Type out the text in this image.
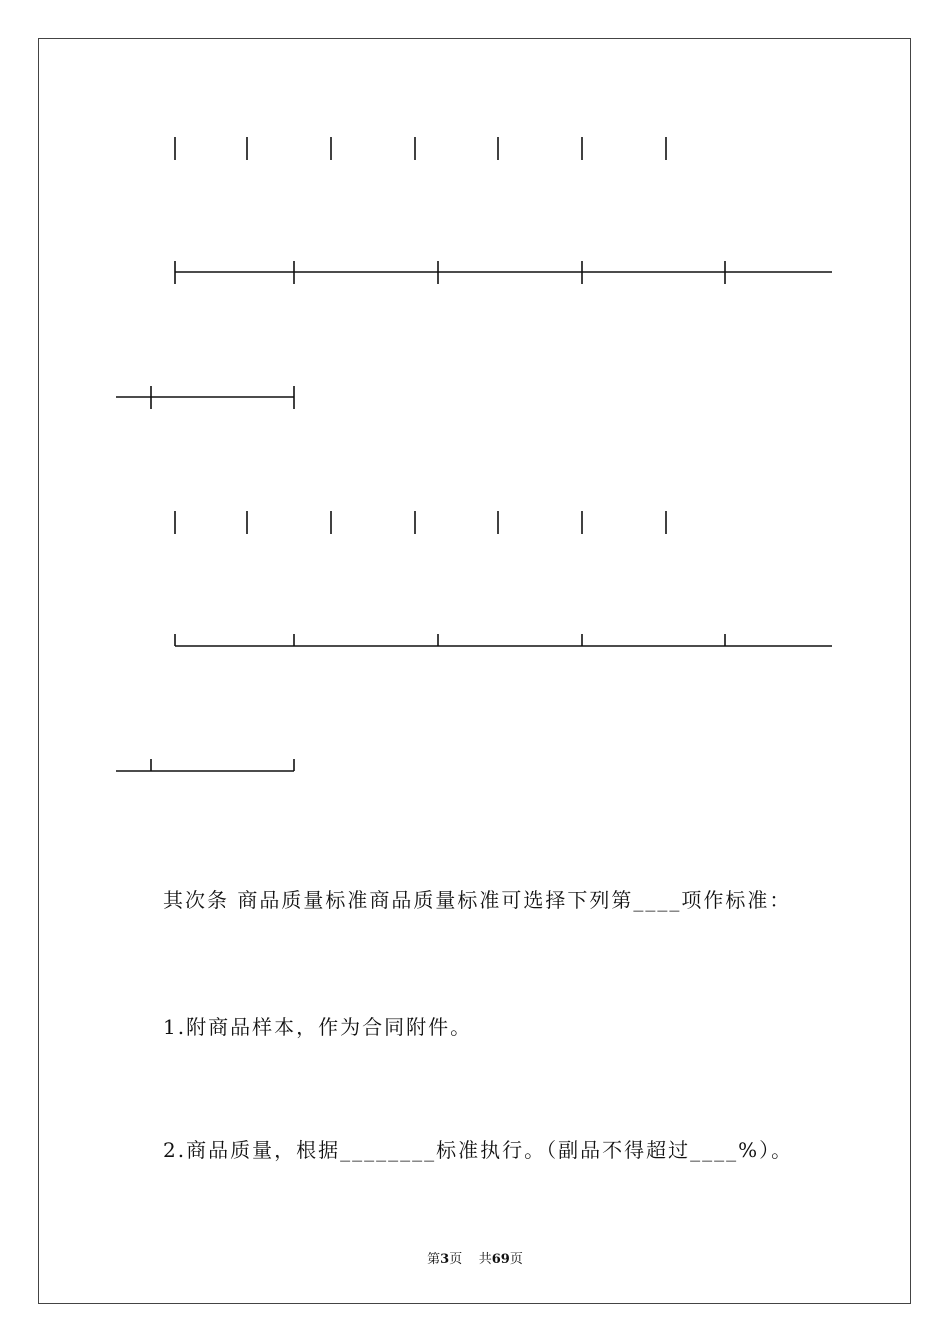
其次条 商品质量标准商品质量标准可选择下列第____项作标准：

1.附商品样本，作为合同附件。

2.商品质量，根据________标准执行。（副品不得超过____%）。

第3页 共69页
